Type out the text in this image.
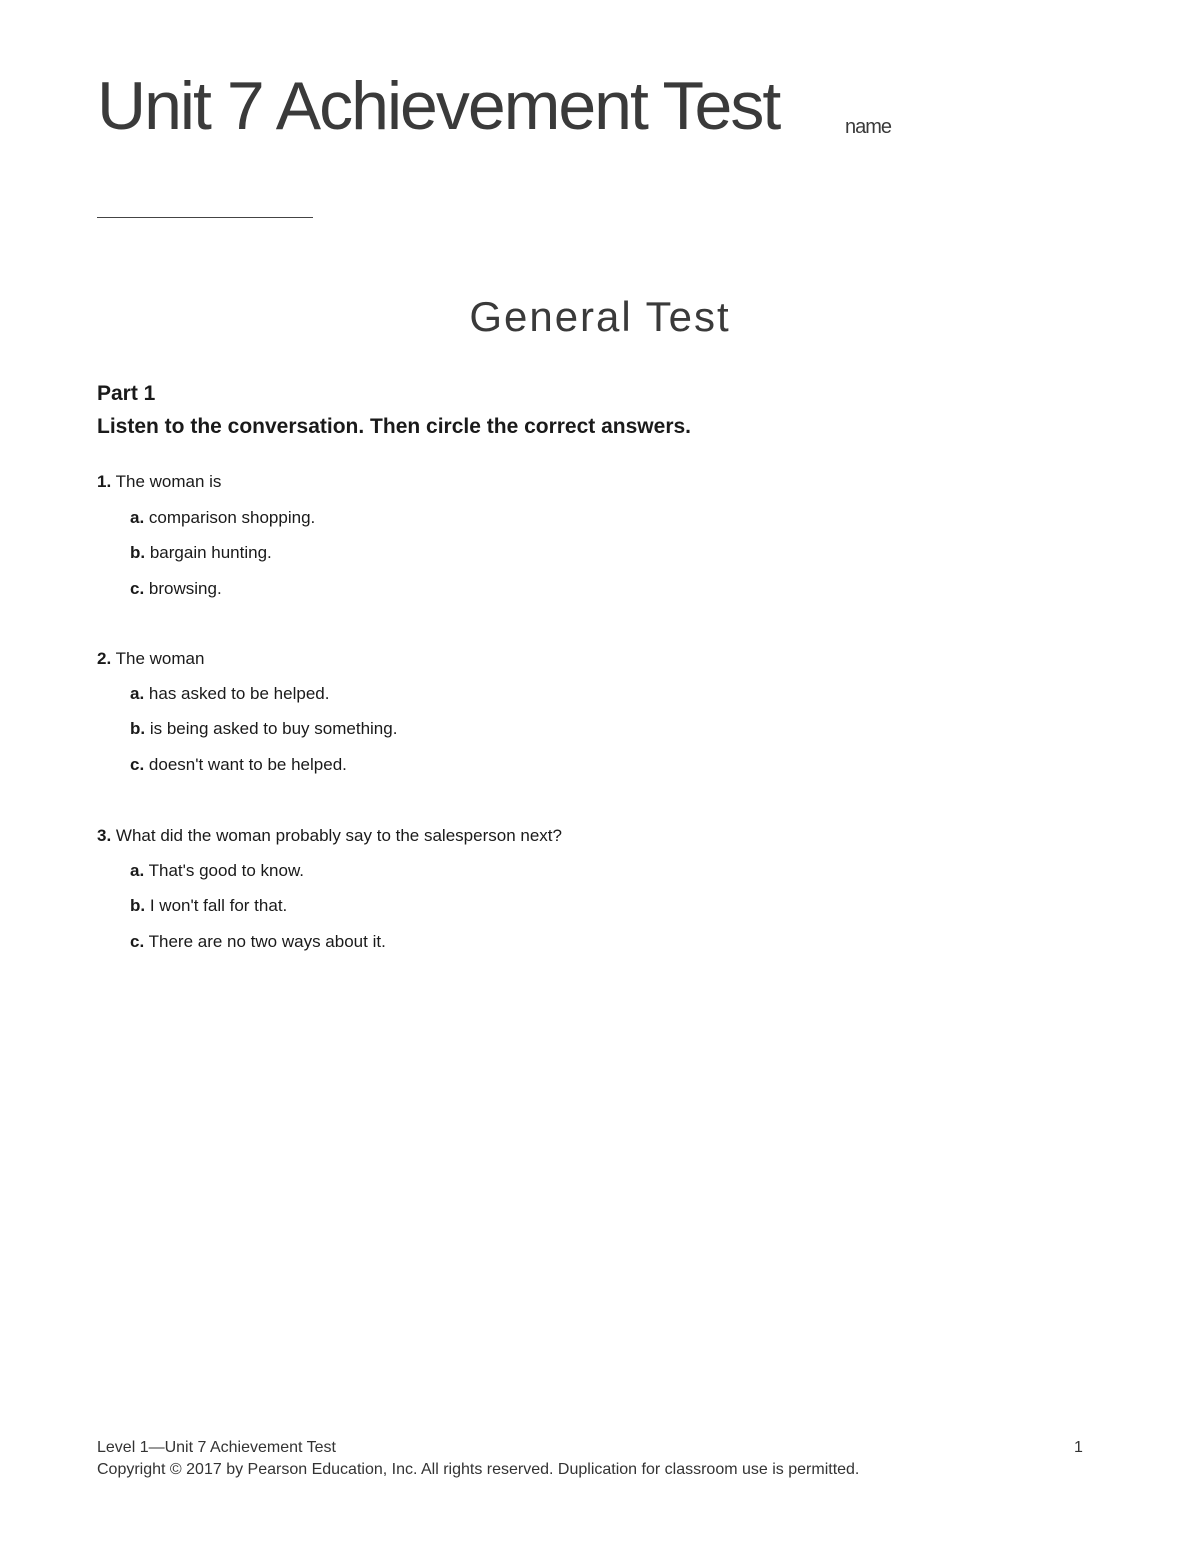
Unit 7 Achievement Test	name
General Test
Part 1
Listen to the conversation. Then circle the correct answers.
1. The woman is
a. comparison shopping.
b. bargain hunting.
c. browsing.
2. The woman
a. has asked to be helped.
b. is being asked to buy something.
c. doesn't want to be helped.
3. What did the woman probably say to the salesperson next?
a. That's good to know.
b. I won't fall for that.
c. There are no two ways about it.
Level 1—Unit 7 Achievement Test	1
Copyright © 2017 by Pearson Education, Inc. All rights reserved. Duplication for classroom use is permitted.
